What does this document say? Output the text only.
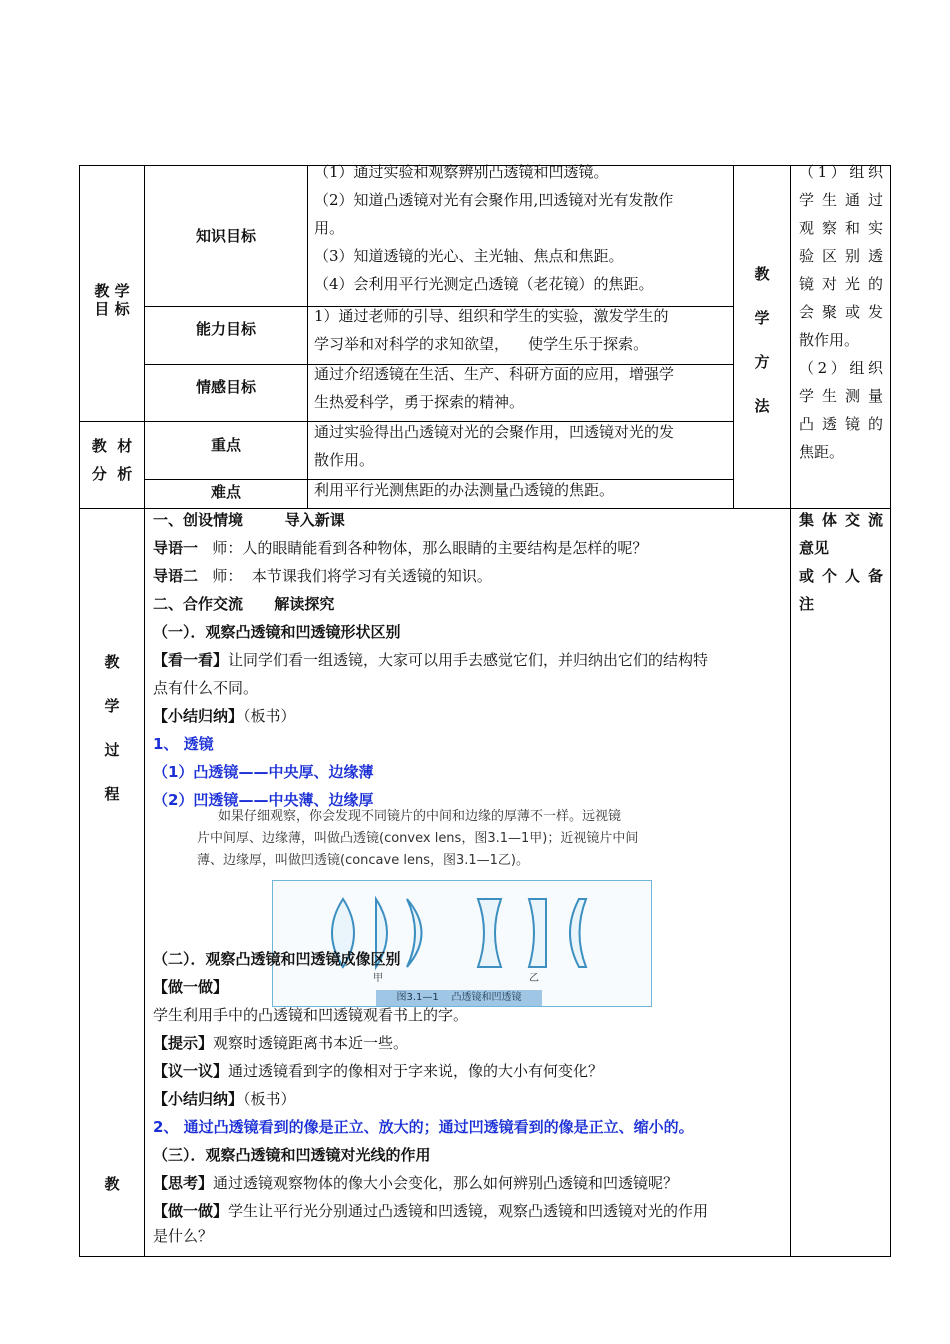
教 学
目 标
知识目标
（1）通过实验和观察辨别凸透镜和凹透镜。
（2）知道凸透镜对光有会聚作用,凹透镜对光有发散作
用。
（3）知道透镜的光心、主光轴、焦点和焦距。
（4）会利用平行光测定凸透镜（老花镜）的焦距。
能力目标
1）通过老师的引导、组织和学生的实验，激发学生的
学习举和对科学的求知欲望，    使学生乐于探索。
情感目标
通过介绍透镜在生活、生产、科研方面的应用，增强学
生热爱科学，勇于探索的精神。
教  材
分  析
重点
通过实验得出凸透镜对光的会聚作用，凹透镜对光的发
散作用。
难点	利用平行光测焦距的办法测量凸透镜的焦距。
教
学
方
法
（1）组织
学生通过
观察和实
验区别透
镜对光的
会聚或发
散作用。
（2）组织
学生测量
凸透镜的
焦距。
教
学
过
程
教
集体交流
意见
或个人备
注
一、创设情境        导入新课
导语一   师：人的眼睛能看到各种物体，那么眼睛的主要结构是怎样的呢？
导语二   师：  本节课我们将学习有关透镜的知识。
二、合作交流      解读探究
（一）．观察凸透镜和凹透镜形状区别
【看一看】让同学们看一组透镜，大家可以用手去感觉它们，并归纳出它们的结构特
点有什么不同。
【小结归纳】（板书）
1、 透镜
（1）凸透镜——中央厚、边缘薄
（2）凹透镜——中央薄、边缘厚
如果仔细观察，你会发现不同镜片的中间和边缘的厚薄不一样。远视镜
片中间厚、边缘薄，叫做凸透镜(convex lens，图3.1—1甲)；近视镜片中间
薄、边缘厚，叫做凹透镜(concave lens，图3.1—1乙)。
甲	乙
图3.1—1    凸透镜和凹透镜
（二）．观察凸透镜和凹透镜成像区别
【做一做】
学生利用手中的凸透镜和凹透镜观看书上的字。
【提示】观察时透镜距离书本近一些。
【议一议】通过透镜看到字的像相对于字来说，像的大小有何变化？
【小结归纳】（板书）
2、 通过凸透镜看到的像是正立、放大的；通过凹透镜看到的像是正立、缩小的。
（三）．观察凸透镜和凹透镜对光线的作用
【思考】通过透镜观察物体的像大小会变化，那么如何辨别凸透镜和凹透镜呢？
【做一做】学生让平行光分别通过凸透镜和凹透镜，观察凸透镜和凹透镜对光的作用
是什么？
